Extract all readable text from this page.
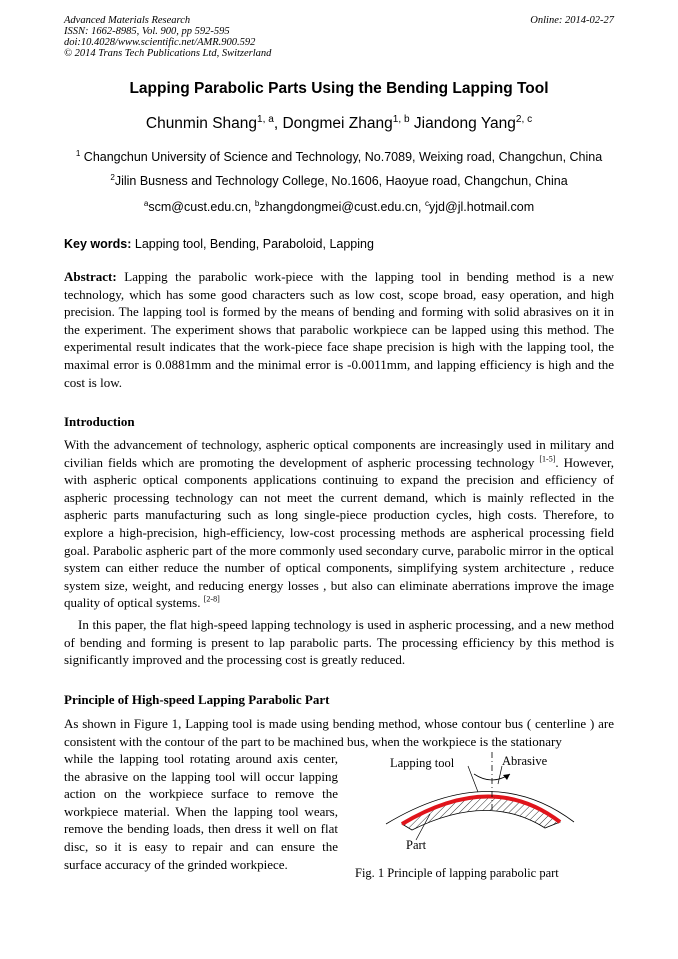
Advanced Materials Research
ISSN: 1662-8985, Vol. 900, pp 592-595
doi:10.4028/www.scientific.net/AMR.900.592
© 2014 Trans Tech Publications Ltd, Switzerland
Online: 2014-02-27
Lapping Parabolic Parts Using the Bending Lapping Tool
Chunmin Shang$^{1, a}$, Dongmei Zhang$^{1, b}$ Jiandong Yang$^{2, c}$
$^1$ Changchun University of Science and Technology, No.7089, Weixing road, Changchun, China
$^2$Jilin Busness and Technology College, No.1606, Haoyue road, Changchun, China
$^a$scm@cust.edu.cn, $^b$zhangdongmei@cust.edu.cn, $^c$yjd@jl.hotmail.com
Key words: Lapping tool, Bending, Paraboloid, Lapping
Abstract: Lapping the parabolic work-piece with the lapping tool in bending method is a new technology, which has some good characters such as low cost, scope broad, easy operation, and high precision. The lapping tool is formed by the means of bending and forming with solid abrasives on it in the experiment. The experiment shows that parabolic workpiece can be lapped using this method. The experimental result indicates that the work-piece face shape precision is high with the lapping tool, the maximal error is 0.0881mm and the minimal error is -0.0011mm, and lapping efficiency is high and the cost is low.
Introduction
With the advancement of technology, aspheric optical components are increasingly used in military and civilian fields which are promoting the development of aspheric processing technology [1-5]. However, with aspheric optical components applications continuing to expand the precision and efficiency of aspheric processing technology can not meet the current demand, which is mainly reflected in the aspheric parts manufacturing such as long single-piece production cycles, high costs. Therefore, to explore a high-precision, high-efficiency, low-cost processing methods are aspherical processing field goal. Parabolic aspheric part of the more commonly used secondary curve, parabolic mirror in the optical system can either reduce the number of optical components, simplifying system architecture , reduce system size, weight, and reducing energy losses , but also can eliminate aberrations improve the image quality of optical systems. [2-8]
In this paper, the flat high-speed lapping technology is used in aspheric processing, and a new method of bending and forming is present to lap parabolic parts. The processing efficiency by this method is significantly improved and the processing cost is greatly reduced.
Principle of High-speed Lapping Parabolic Part
As shown in Figure 1, Lapping tool is made using bending method, whose contour bus ( centerline ) are consistent with the contour of the part to be machined bus, when the workpiece is the stationary
while the lapping tool rotating around axis center, the abrasive on the lapping tool will occur lapping action on the workpiece surface to remove the workpiece material. When the lapping tool wears, remove the bending loads, then dress it well on flat disc, so it is easy to repair and can ensure the surface accuracy of the grinded workpiece.
Lapping tool	Abrasive
Part
Fig. 1 Principle of lapping parabolic part
